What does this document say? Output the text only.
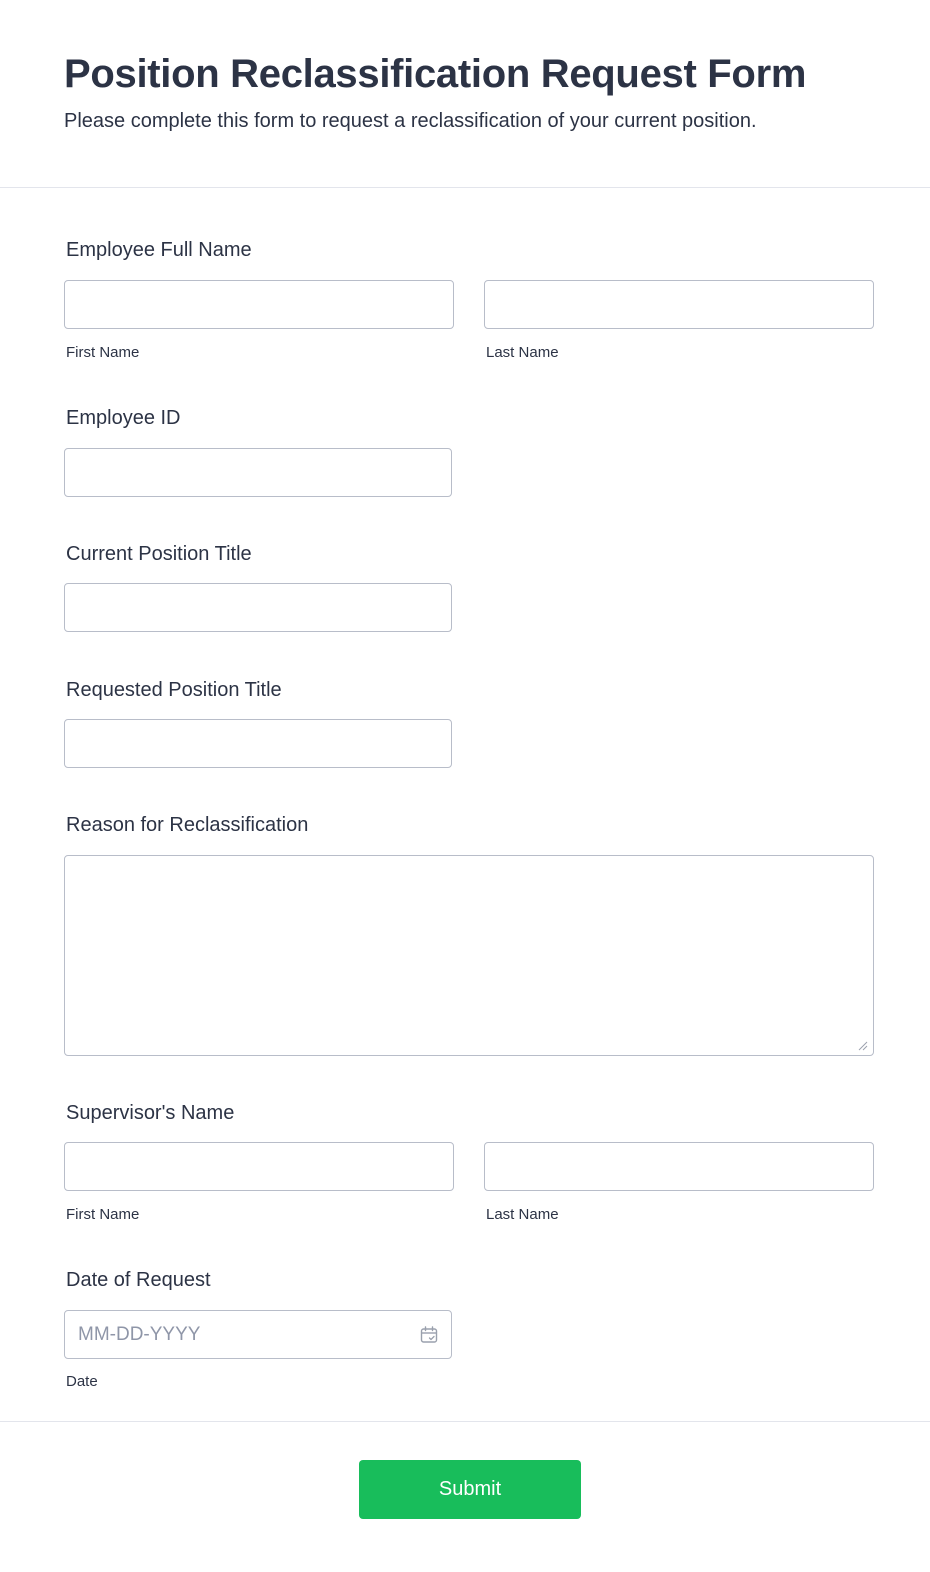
Position Reclassification Request Form

Please complete this form to request a reclassification of your current position.

Employee Full Name
First Name	Last Name
Employee ID
Current Position Title
Requested Position Title
Reason for Reclassification
Supervisor's Name
First Name	Last Name
Date of Request
MM-DD-YYYY
Date
Submit
